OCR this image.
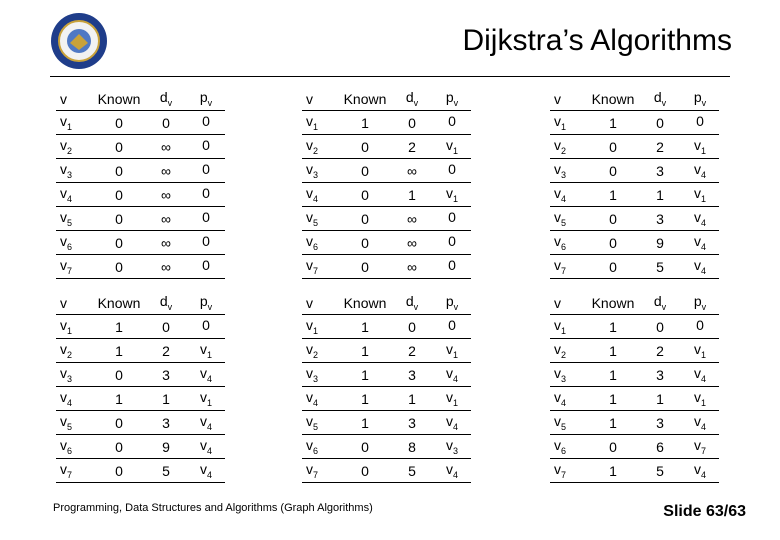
Dijkstra’s Algorithms
v	Known	$d_v$	$p_v$
$v_1$	0	0	0
$v_2$	0	∞	0
$v_3$	0	∞	0
$v_4$	0	∞	0
$v_5$	0	∞	0
$v_6$	0	∞	0
$v_7$	0	∞	0
v	Known	$d_v$	$p_v$
$v_1$	1	0	0
$v_2$	0	2	$v_1$
$v_3$	0	∞	0
$v_4$	0	1	$v_1$
$v_5$	0	∞	0
$v_6$	0	∞	0
$v_7$	0	∞	0
v	Known	$d_v$	$p_v$
$v_1$	1	0	0
$v_2$	0	2	$v_1$
$v_3$	0	3	$v_4$
$v_4$	1	1	$v_1$
$v_5$	0	3	$v_4$
$v_6$	0	9	$v_4$
$v_7$	0	5	$v_4$
v	Known	$d_v$	$p_v$
$v_1$	1	0	0
$v_2$	1	2	$v_1$
$v_3$	0	3	$v_4$
$v_4$	1	1	$v_1$
$v_5$	0	3	$v_4$
$v_6$	0	9	$v_4$
$v_7$	0	5	$v_4$
v	Known	$d_v$	$p_v$
$v_1$	1	0	0
$v_2$	1	2	$v_1$
$v_3$	1	3	$v_4$
$v_4$	1	1	$v_1$
$v_5$	1	3	$v_4$
$v_6$	0	8	$v_3$
$v_7$	0	5	$v_4$
v	Known	$d_v$	$p_v$
$v_1$	1	0	0
$v_2$	1	2	$v_1$
$v_3$	1	3	$v_4$
$v_4$	1	1	$v_1$
$v_5$	1	3	$v_4$
$v_6$	0	6	$v_7$
$v_7$	1	5	$v_4$
Programming, Data Structures and Algorithms (Graph Algorithms)	Slide 63/63
